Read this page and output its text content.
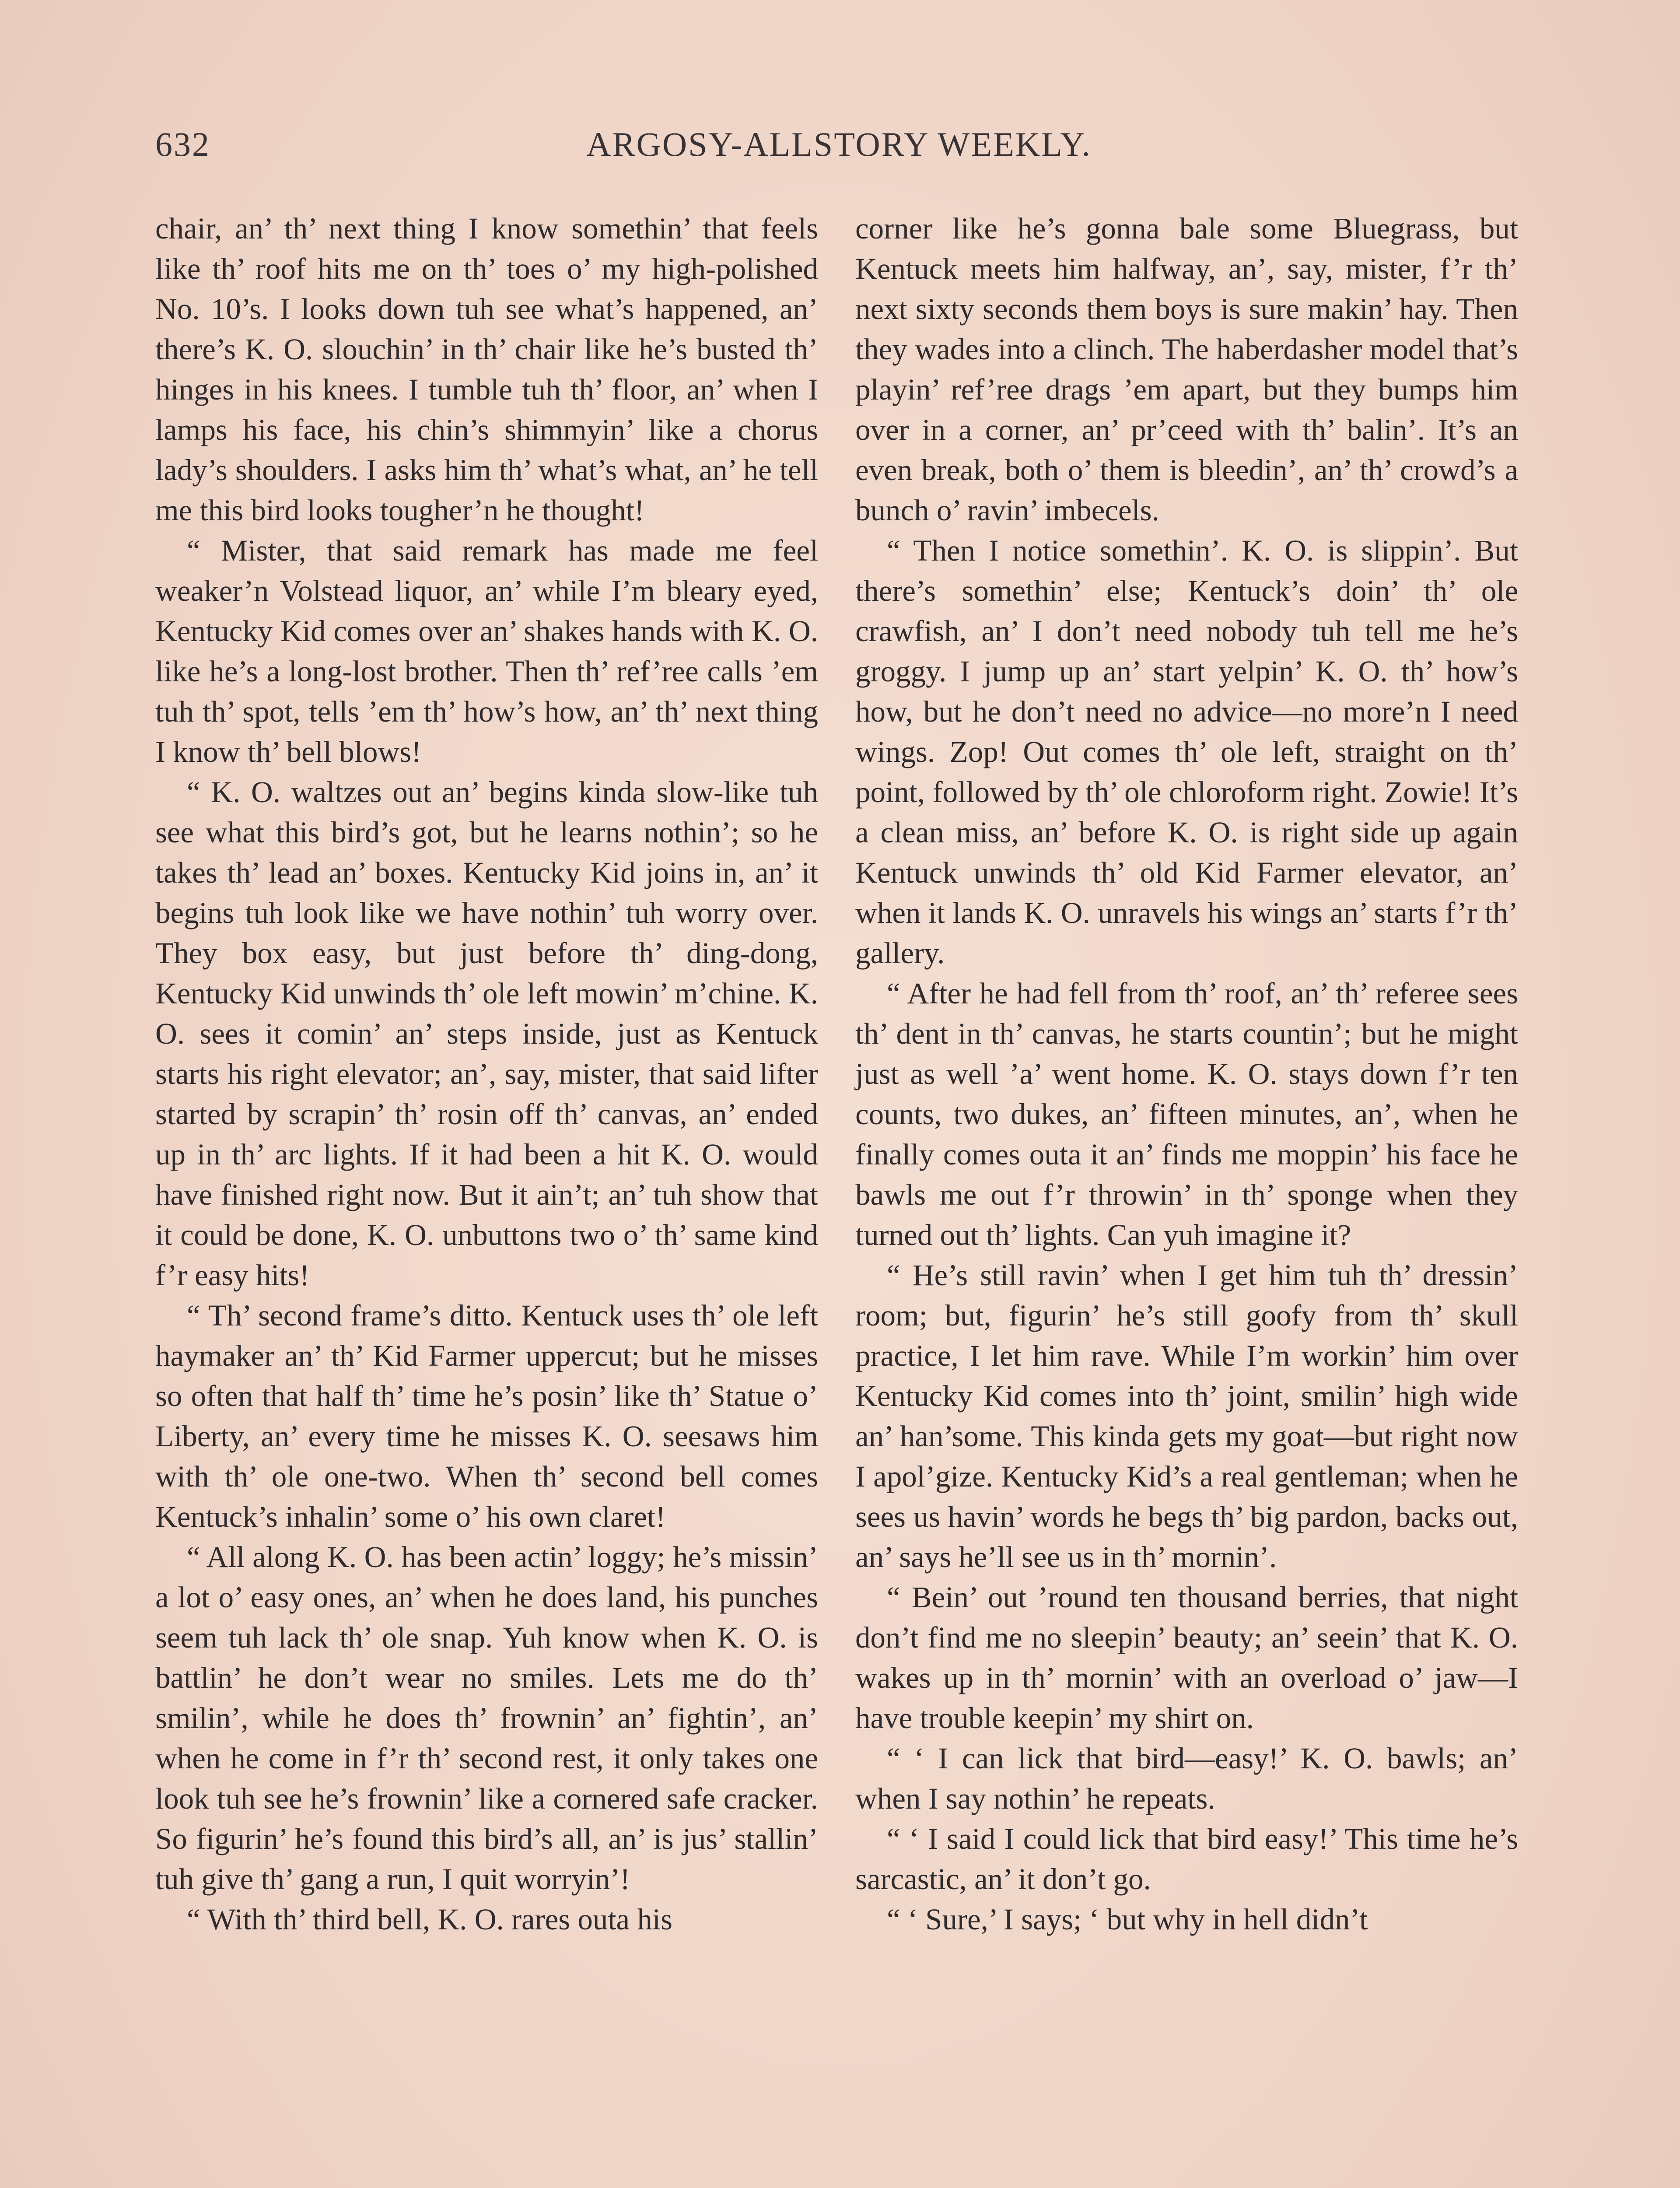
632	ARGOSY-ALLSTORY WEEKLY.

chair, an’ th’ next thing I know somethin’ that feels like th’ roof hits me on th’ toes o’ my high-polished No. 10’s. I looks down tuh see what’s happened, an’ there’s K. O. slouchin’ in th’ chair like he’s busted th’ hinges in his knees. I tumble tuh th’ floor, an’ when I lamps his face, his chin’s shimmyin’ like a chorus lady’s shoulders. I asks him th’ what’s what, an’ he tell me this bird looks tougher’n he thought!

“ Mister, that said remark has made me feel weaker’n Volstead liquor, an’ while I’m bleary eyed, Kentucky Kid comes over an’ shakes hands with K. O. like he’s a long-lost brother. Then th’ ref’ree calls ’em tuh th’ spot, tells ’em th’ how’s how, an’ th’ next thing I know th’ bell blows!

“ K. O. waltzes out an’ begins kinda slow-like tuh see what this bird’s got, but he learns nothin’; so he takes th’ lead an’ boxes. Kentucky Kid joins in, an’ it begins tuh look like we have nothin’ tuh worry over. They box easy, but just before th’ ding-dong, Kentucky Kid unwinds th’ ole left mowin’ m’chine. K. O. sees it comin’ an’ steps inside, just as Kentuck starts his right elevator; an’, say, mister, that said lifter started by scrapin’ th’ rosin off th’ canvas, an’ ended up in th’ arc lights. If it had been a hit K. O. would have finished right now. But it ain’t; an’ tuh show that it could be done, K. O. unbuttons two o’ th’ same kind f’r easy hits!

“ Th’ second frame’s ditto. Kentuck uses th’ ole left haymaker an’ th’ Kid Farmer uppercut; but he misses so often that half th’ time he’s posin’ like th’ Statue o’ Liberty, an’ every time he misses K. O. seesaws him with th’ ole one-two. When th’ second bell comes Kentuck’s inhalin’ some o’ his own claret!

“ All along K. O. has been actin’ loggy; he’s missin’ a lot o’ easy ones, an’ when he does land, his punches seem tuh lack th’ ole snap. Yuh know when K. O. is battlin’ he don’t wear no smiles. Lets me do th’ smilin’, while he does th’ frownin’ an’ fightin’, an’ when he come in f’r th’ second rest, it only takes one look tuh see he’s frownin’ like a cornered safe cracker. So figurin’ he’s found this bird’s all, an’ is jus’ stallin’ tuh give th’ gang a run, I quit worryin’!

“ With th’ third bell, K. O. rares outa his

corner like he’s gonna bale some Bluegrass, but Kentuck meets him halfway, an’, say, mister, f’r th’ next sixty seconds them boys is sure makin’ hay. Then they wades into a clinch. The haberdasher model that’s playin’ ref’ree drags ’em apart, but they bumps him over in a corner, an’ pr’ceed with th’ balin’. It’s an even break, both o’ them is bleedin’, an’ th’ crowd’s a bunch o’ ravin’ imbecels.

“ Then I notice somethin’. K. O. is slippin’. But there’s somethin’ else; Kentuck’s doin’ th’ ole crawfish, an’ I don’t need nobody tuh tell me he’s groggy. I jump up an’ start yelpin’ K. O. th’ how’s how, but he don’t need no advice—no more’n I need wings. Zop! Out comes th’ ole left, straight on th’ point, followed by th’ ole chloroform right. Zowie! It’s a clean miss, an’ before K. O. is right side up again Kentuck unwinds th’ old Kid Farmer elevator, an’ when it lands K. O. unravels his wings an’ starts f’r th’ gallery.

“ After he had fell from th’ roof, an’ th’ referee sees th’ dent in th’ canvas, he starts countin’; but he might just as well ’a’ went home. K. O. stays down f’r ten counts, two dukes, an’ fifteen minutes, an’, when he finally comes outa it an’ finds me moppin’ his face he bawls me out f’r throwin’ in th’ sponge when they turned out th’ lights. Can yuh imagine it?

“ He’s still ravin’ when I get him tuh th’ dressin’ room; but, figurin’ he’s still goofy from th’ skull practice, I let him rave. While I’m workin’ him over Kentucky Kid comes into th’ joint, smilin’ high wide an’ han’some. This kinda gets my goat—but right now I apol’gize. Kentucky Kid’s a real gentleman; when he sees us havin’ words he begs th’ big pardon, backs out, an’ says he’ll see us in th’ mornin’.

“ Bein’ out ’round ten thousand berries, that night don’t find me no sleepin’ beauty; an’ seein’ that K. O. wakes up in th’ mornin’ with an overload o’ jaw—I have trouble keepin’ my shirt on.

“ ‘ I can lick that bird—easy!’ K. O. bawls; an’ when I say nothin’ he repeats.

“ ‘ I said I could lick that bird easy!’ This time he’s sarcastic, an’ it don’t go.

“ ‘ Sure,’ I says; ‘ but why in hell didn’t
